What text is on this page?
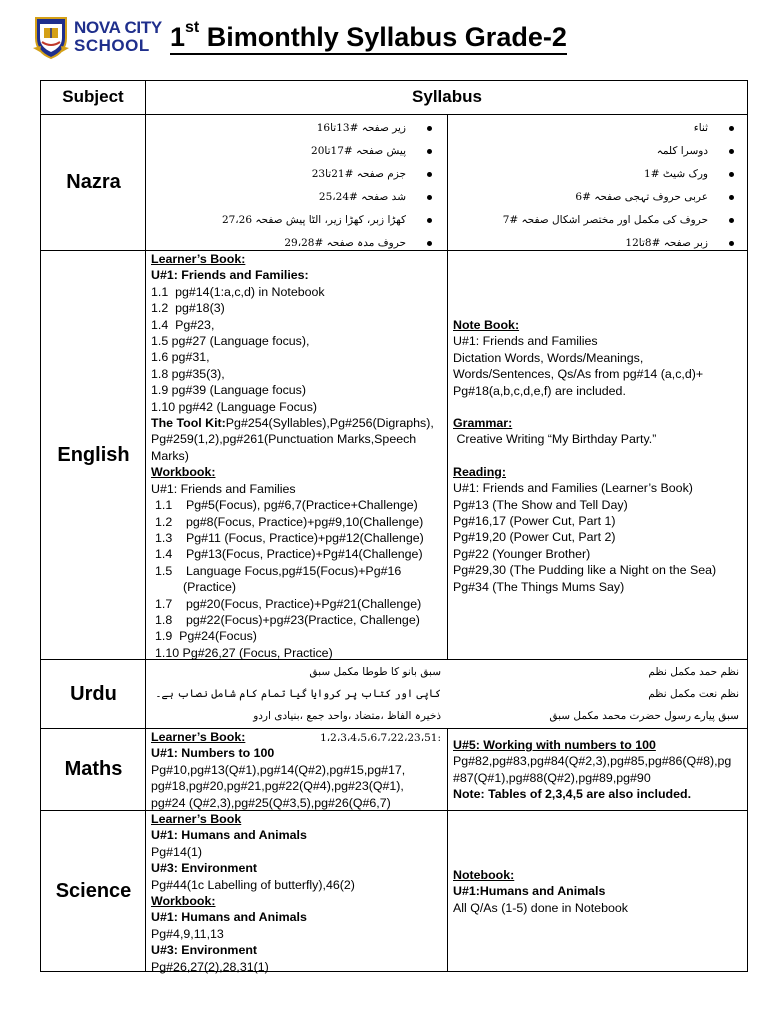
NOVA CITY
SCHOOL 1st Bimonthly Syllabus Grade-2
Subject	Syllabus
Nazra
زیر صفحہ #13تا16
پیش صفحہ #17تا20
جزم صفحہ #21تا23
شد صفحہ #25،24
کھڑا زبر، کھڑا زیر، الٹا پیش صفحہ 27،26
حروف مدہ صفحہ #29،28
ثناء
دوسرا کلمہ
ورک شیٹ #1
عربی حروف تہجی صفحہ #6
حروف کی مکمل اور مختصر اشکال صفحہ #7
زبر صفحہ #8تا12
English
Learner’s Book:
U#1: Friends and Families:
1.1  pg#14(1:a,c,d) in Notebook
1.2  pg#18(3)
1.4  Pg#23,
1.5 pg#27 (Language focus),
1.6 pg#31,
1.8 pg#35(3),
1.9 pg#39 (Language focus)
1.10 pg#42 (Language Focus)
The Tool Kit:Pg#254(Syllables),Pg#256(Digraphs), Pg#259(1,2),pg#261(Punctuation Marks,Speech Marks)
Workbook:
U#1: Friends and Families
1.1    Pg#5(Focus), pg#6,7(Practice+Challenge)
1.2    pg#8(Focus, Practice)+pg#9,10(Challenge)
1.3    Pg#11 (Focus, Practice)+pg#12(Challenge)
1.4    Pg#13(Focus, Practice)+Pg#14(Challenge)
1.5    Language Focus,pg#15(Focus)+Pg#16
(Practice)
1.7    pg#20(Focus, Practice)+Pg#21(Challenge)
1.8    pg#22(Focus)+pg#23(Practice, Challenge)
1.9  Pg#24(Focus)
1.10 Pg#26,27 (Focus, Practice)
Note Book:
U#1: Friends and Families
Dictation Words, Words/Meanings,
Words/Sentences, Qs/As from pg#14 (a,c,d)+
Pg#18(a,b,c,d,e,f) are included.
Grammar:
Creative Writing “My Birthday Party.”
Reading:
U#1: Friends and Families (Learner’s Book)
Pg#13 (The Show and Tell Day)
Pg#16,17 (Power Cut, Part 1)
Pg#19,20 (Power Cut, Part 2)
Pg#22 (Younger Brother)
Pg#29,30 (The Pudding like a Night on the Sea)
Pg#34 (The Things Mums Say)
Urdu
سبق بانو کا طوطا مکمل سبق
کاپی اور کتاب پر کروایا گیا تمام کام شامل نصاب ہے۔
ذخیرہ الفاظ ،متضاد ،واحد جمع ،بنیادی اردو :1،2،3،4،5،6،7،22،23،51
نظم حمد مکمل نظم
نظم نعت مکمل نظم
سبق پیارے رسول حضرت محمد مکمل سبق
Maths
Learner’s Book:
U#1: Numbers to 100
Pg#10,pg#13(Q#1),pg#14(Q#2),pg#15,pg#17,
pg#18,pg#20,pg#21,pg#22(Q#4),pg#23(Q#1),
pg#24 (Q#2,3),pg#25(Q#3,5),pg#26(Q#6,7)
U#5: Working with numbers to 100
Pg#82,pg#83,pg#84(Q#2,3),pg#85,pg#86(Q#8),pg
#87(Q#1),pg#88(Q#2),pg#89,pg#90
Note: Tables of 2,3,4,5 are also included.
Science
Learner’s Book
U#1: Humans and Animals
Pg#14(1)
U#3: Environment
Pg#44(1c Labelling of butterfly),46(2)
Workbook:
U#1: Humans and Animals
Pg#4,9,11,13
U#3: Environment
Pg#26,27(2),28,31(1)
Notebook:
U#1:Humans and Animals
All Q/As (1-5) done in Notebook
